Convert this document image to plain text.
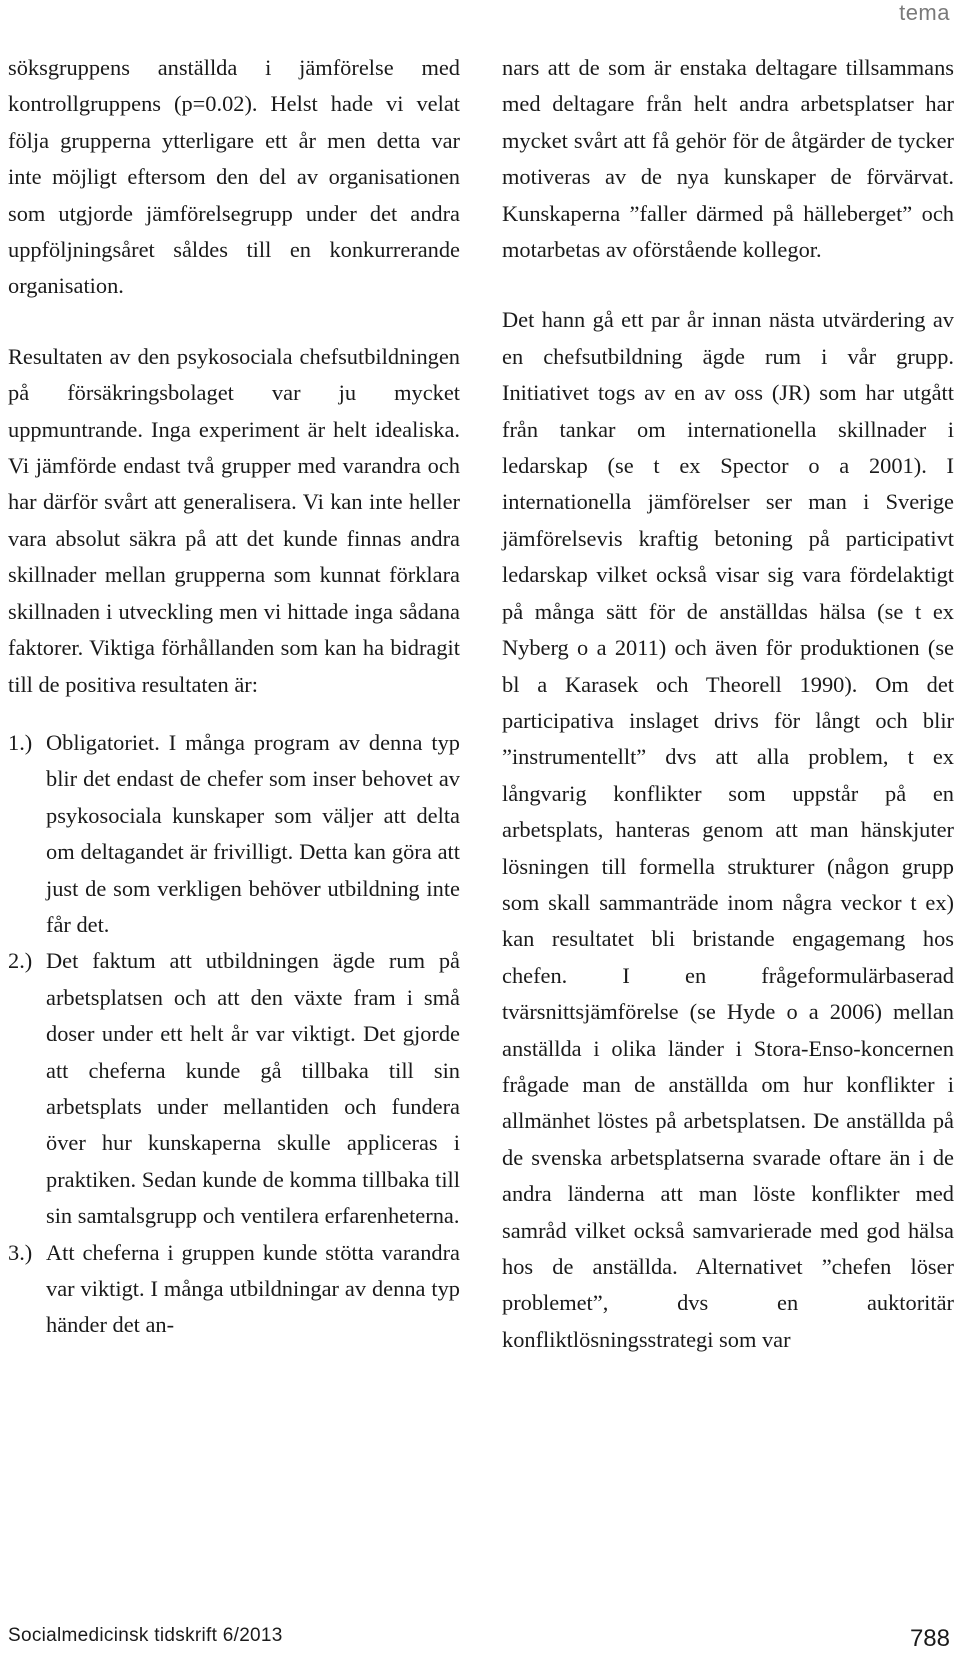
tema

söksgruppens anställda i jämförelse med kontrollgruppens (p=0.02). Helst hade vi velat följa grupperna ytterligare ett år men detta var inte möjligt eftersom den del av organisationen som utgjorde jämförelsegrupp under det andra uppföljningsåret såldes till en konkurrerande organisation.

Resultaten av den psykosociala chefsutbildningen på försäkringsbolaget var ju mycket uppmuntrande. Inga experiment är helt idealiska. Vi jämförde endast två grupper med varandra och har därför svårt att generalisera. Vi kan inte heller vara absolut säkra på att det kunde finnas andra skillnader mellan grupperna som kunnat förklara skillnaden i utveckling men vi hittade inga sådana faktorer. Viktiga förhållanden som kan ha bidragit till de positiva resultaten är:

1.) Obligatoriet. I många program av denna typ blir det endast de chefer som inser behovet av psykosociala kunskaper som väljer att delta om deltagandet är frivilligt. Detta kan göra att just de som verkligen behöver utbildning inte får det.
2.) Det faktum att utbildningen ägde rum på arbetsplatsen och att den växte fram i små doser under ett helt år var viktigt. Det gjorde att cheferna kunde gå tillbaka till sin arbetsplats under mellantiden och fundera över hur kunskaperna skulle appliceras i praktiken. Sedan kunde de komma tillbaka till sin samtalsgrupp och ventilera erfarenheterna.
3.) Att cheferna i gruppen kunde stötta varandra var viktigt. I många utbildningar av denna typ händer det an-

nars att de som är enstaka deltagare tillsammans med deltagare från helt andra arbetsplatser har mycket svårt att få gehör för de åtgärder de tycker motiveras av de nya kunskaper de förvärvat. Kunskaperna ”faller därmed på hälleberget” och motarbetas av oförstående kollegor.

Det hann gå ett par år innan nästa utvärdering av en chefsutbildning ägde rum i vår grupp. Initiativet togs av en av oss (JR) som har utgått från tankar om internationella skillnader i ledarskap (se t ex Spector o a 2001). I internationella jämförelser ser man i Sverige jämförelsevis kraftig betoning på participativt ledarskap vilket också visar sig vara fördelaktigt på många sätt för de anställdas hälsa (se t ex Nyberg o a 2011) och även för produktionen (se bl a Karasek och Theorell 1990). Om det participativa inslaget drivs för långt och blir ”instrumentellt” dvs att alla problem, t ex långvarig konflikter som uppstår på en arbetsplats, hanteras genom att man hänskjuter lösningen till formella strukturer (någon grupp som skall sammanträde inom några veckor t ex) kan resultatet bli bristande engagemang hos chefen. I en frågeformulärbaserad tvärsnittsjämförelse (se Hyde o a 2006) mellan anställda i olika länder i Stora-Enso-koncernen frågade man de anställda om hur konflikter i allmänhet löstes på arbetsplatsen. De anställda på de svenska arbetsplatserna svarade oftare än i de andra länderna att man löste konflikter med samråd vilket också samvarierade med god hälsa hos de anställda. Alternativet ”chefen löser problemet”, dvs en auktoritär konfliktlösningsstrategi som var

Socialmedicinsk tidskrift 6/2013	788
